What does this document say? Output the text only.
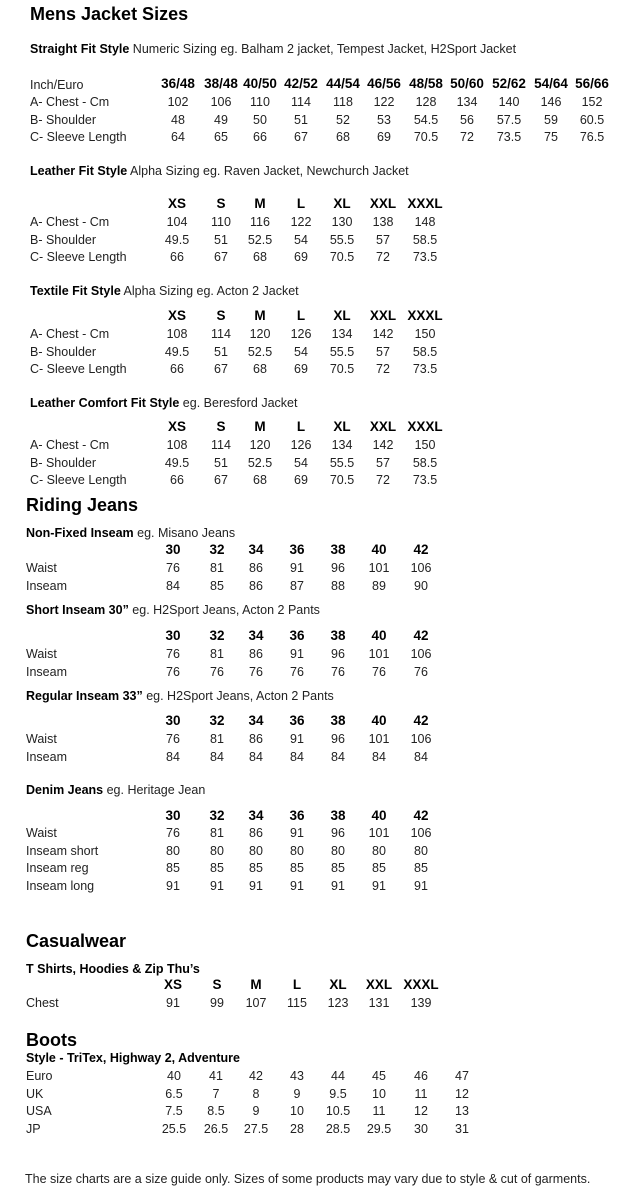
Mens Jacket Sizes
Riding Jeans
Casualwear
T Shirts, Hoodies & Zip Thu’s
Boots
Style - TriTex, Highway 2, Adventure
The size charts are a size guide only. Sizes of some products may vary due to style & cut of garments.
Straight Fit Style Numeric Sizing eg. Balham 2 jacket, Tempest Jacket, H2Sport Jacket
Inch/Euro	36/48 38/48 40/50 42/52 44/54 46/56 48/58 50/60 52/62 54/64 56/66
A- Chest - Cm	102 106 110 114 118 122 128 134 140 146 152
B- Shoulder	48 49 50 51 52 53 54.5 56 57.5 59 60.5
C- Sleeve Length	64 65 66 67 68 69 70.5 72 73.5 75 76.5
Leather Fit Style Alpha Sizing eg. Raven Jacket, Newchurch Jacket
XS S M L XL XXL XXXL
A- Chest - Cm	104 110 116 122 130 138 148
B- Shoulder	49.5 51 52.5 54 55.5 57 58.5
C- Sleeve Length	66 67 68 69 70.5 72 73.5
Textile Fit Style Alpha Sizing eg. Acton 2 Jacket
XS S M L XL XXL XXXL
A- Chest - Cm	108 114 120 126 134 142 150
B- Shoulder	49.5 51 52.5 54 55.5 57 58.5
C- Sleeve Length	66 67 68 69 70.5 72 73.5
Leather Comfort Fit Style eg. Beresford Jacket
XS S M L XL XXL XXXL
A- Chest - Cm	108 114 120 126 134 142 150
B- Shoulder	49.5 51 52.5 54 55.5 57 58.5
C- Sleeve Length	66 67 68 69 70.5 72 73.5
Non-Fixed Inseam eg. Misano Jeans
30 32 34 36 38 40 42
Waist	76 81 86 91 96 101 106
Inseam	84 85 86 87 88 89 90
Short Inseam 30” eg. H2Sport Jeans, Acton 2 Pants
30 32 34 36 38 40 42
Waist	76 81 86 91 96 101 106
Inseam	76 76 76 76 76 76 76
Regular Inseam 33” eg. H2Sport Jeans, Acton 2 Pants
30 32 34 36 38 40 42
Waist	76 81 86 91 96 101 106
Inseam	84 84 84 84 84 84 84
Denim Jeans eg. Heritage Jean
30 32 34 36 38 40 42
Waist	76 81 86 91 96 101 106
Inseam short	80 80 80 80 80 80 80
Inseam reg	85 85 85 85 85 85 85
Inseam long	91 91 91 91 91 91 91
XS S M L XL XXL XXXL
Chest	91 99 107 115 123 131 139
Euro	40 41 42 43 44 45 46 47
UK	6.5 7	8	9 9.5 10 11 12
USA	7.5 8.5 9 10 10.5 11 12 13
JP	25.5 26.5 27.5 28 28.5 29.5 30 31
